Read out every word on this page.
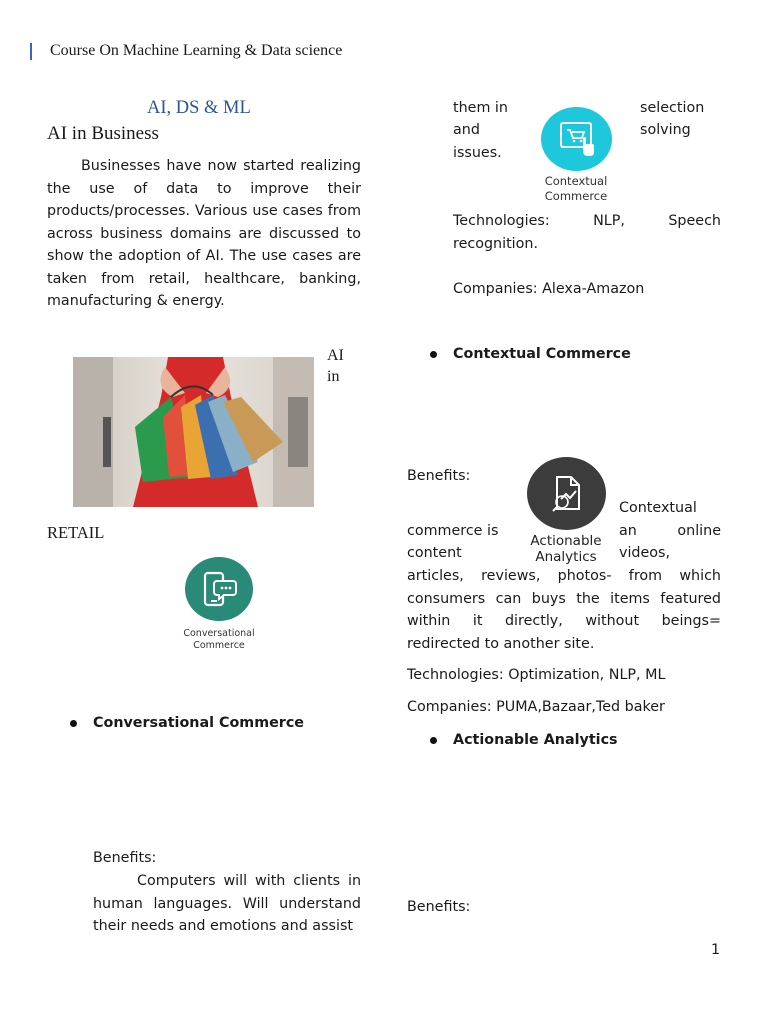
Course On Machine Learning & Data science
AI, DS & ML
AI in Business
Businesses have now started realizing the use of data to improve their products/processes. Various use cases from across business domains are discussed to show the adoption of AI. The use cases are taken from retail, healthcare, banking, manufacturing & energy.
AI
in
RETAIL
Conversational
Commerce
Conversational Commerce
Benefits:
Computers will with clients in human languages. Will understand their needs and emotions and assist
them in	selection
and	solving
issues.
Contextual
Commerce
Technologies: NLP, Speech recognition.
Companies: Alexa-Amazon
Contextual Commerce
Benefits:
Actionable
Analytics
Contextual
commerce is	an online
content	videos,
articles, reviews, photos- from which consumers can buys the items featured within it directly, without beings= redirected to another site.
Technologies: Optimization, NLP, ML
Companies: PUMA,Bazaar,Ted baker
Actionable Analytics
Benefits:
1
